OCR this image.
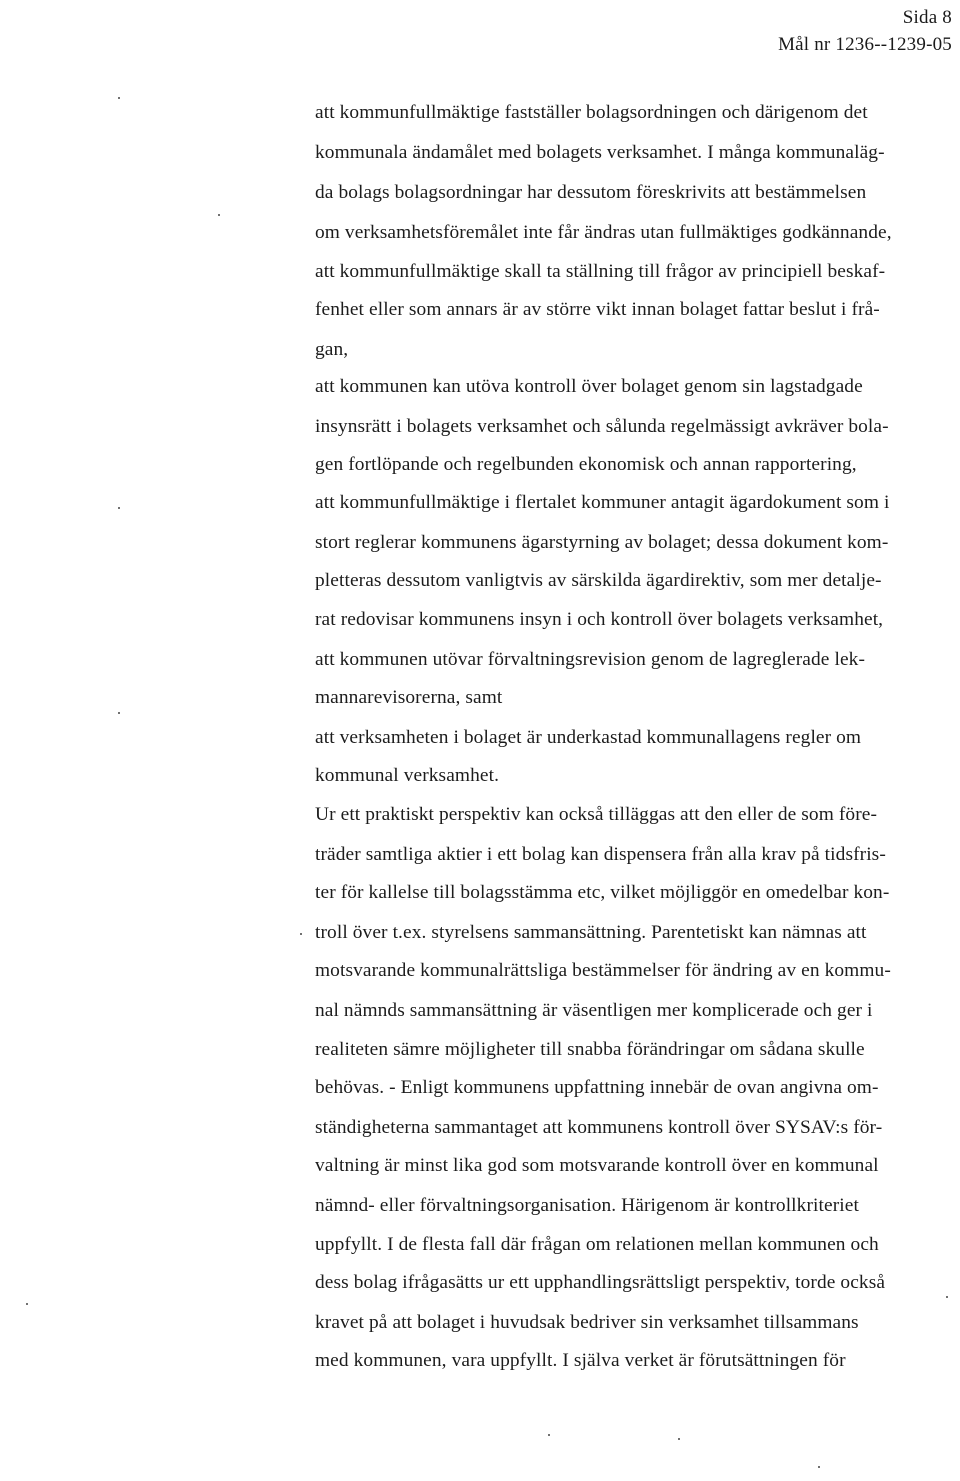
Sida 8
Mål nr 1236--1239-05
att kommunfullmäktige fastställer bolagsordningen och därigenom det
kommunala ändamålet med bolagets verksamhet. I många kommunaläg-
da bolags bolagsordningar har dessutom föreskrivits att bestämmelsen
om verksamhetsföremålet inte får ändras utan fullmäktiges godkännande,
att kommunfullmäktige skall ta ställning till frågor av principiell beskaf-
fenhet eller som annars är av större vikt innan bolaget fattar beslut i frå-
gan,
att kommunen kan utöva kontroll över bolaget genom sin lagstadgade
insynsrätt i bolagets verksamhet och sålunda regelmässigt avkräver bola-
gen fortlöpande och regelbunden ekonomisk och annan rapportering,
att kommunfullmäktige i flertalet kommuner antagit ägardokument som i
stort reglerar kommunens ägarstyrning av bolaget; dessa dokument kom-
pletteras dessutom vanligtvis av särskilda ägardirektiv, som mer detalje-
rat redovisar kommunens insyn i och kontroll över bolagets verksamhet,
att kommunen utövar förvaltningsrevision genom de lagreglerade lek-
mannarevisorerna, samt
att verksamheten i bolaget är underkastad kommunallagens regler om
kommunal verksamhet.
Ur ett praktiskt perspektiv kan också tilläggas att den eller de som före-
träder samtliga aktier i ett bolag kan dispensera från alla krav på tidsfris-
ter för kallelse till bolagsstämma etc, vilket möjliggör en omedelbar kon-
troll över t.ex. styrelsens sammansättning. Parentetiskt kan nämnas att
motsvarande kommunalrättsliga bestämmelser för ändring av en kommu-
nal nämnds sammansättning är väsentligen mer komplicerade och ger i
realiteten sämre möjligheter till snabba förändringar om sådana skulle
behövas. - Enligt kommunens uppfattning innebär de ovan angivna om-
ständigheterna sammantaget att kommunens kontroll över SYSAV:s för-
valtning är minst lika god som motsvarande kontroll över en kommunal
nämnd- eller förvaltningsorganisation. Härigenom är kontrollkriteriet
uppfyllt. I de flesta fall där frågan om relationen mellan kommunen och
dess bolag ifrågasätts ur ett upphandlingsrättsligt perspektiv, torde också
kravet på att bolaget i huvudsak bedriver sin verksamhet tillsammans
med kommunen, vara uppfyllt. I själva verket är förutsättningen för
